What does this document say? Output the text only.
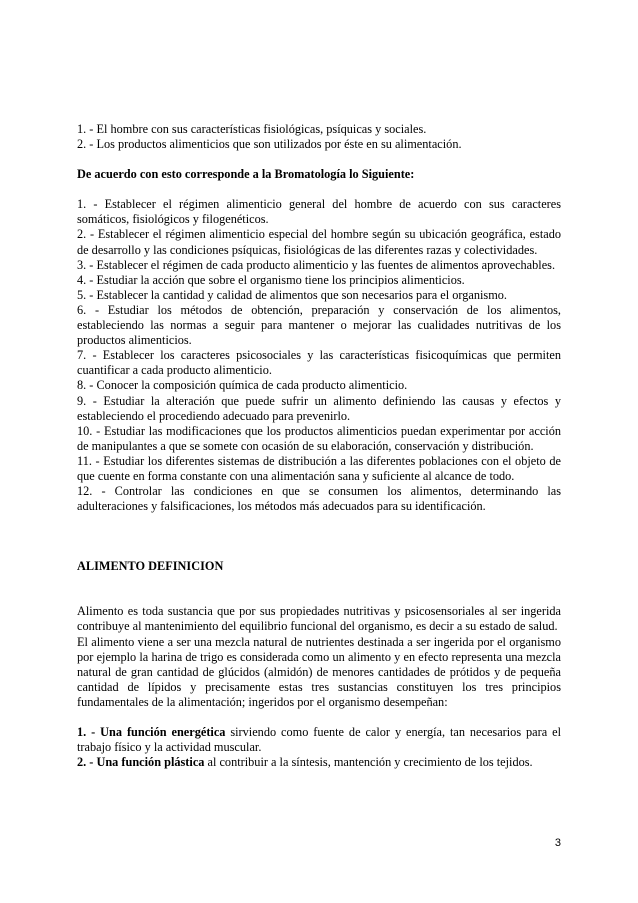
1. - El hombre con sus características fisiológicas, psíquicas y sociales.

2. - Los productos alimenticios que son utilizados por éste en su alimentación.

De acuerdo con esto corresponde a la Bromatología lo Siguiente:

1. - Establecer el régimen alimenticio general del hombre de acuerdo con sus caracteres somáticos, fisiológicos y filogenéticos.

2. - Establecer el régimen alimenticio especial del hombre según su ubicación geográfica, estado de desarrollo y las condiciones psíquicas, fisiológicas de las diferentes razas y colectividades.

3. - Establecer el régimen de cada producto alimenticio y las fuentes de alimentos aprovechables.

4. - Estudiar la acción que sobre el organismo tiene los principios alimenticios.

5. - Establecer la cantidad y calidad de alimentos que son necesarios para el organismo.

6. - Estudiar los métodos de obtención, preparación y conservación de los alimentos, estableciendo las normas a seguir para mantener o mejorar las cualidades nutritivas de los productos alimenticios.

7. - Establecer los caracteres psicosociales y las características fisicoquímicas que permiten cuantificar a cada producto alimenticio.

8. - Conocer la composición química de cada producto alimenticio.

9. - Estudiar la alteración que puede sufrir un alimento definiendo las causas y efectos y estableciendo el procediendo adecuado para prevenirlo.

10. - Estudiar las modificaciones que los productos alimenticios puedan experimentar por acción de manipulantes a que se somete con ocasión de su elaboración, conservación y distribución.

11. - Estudiar los diferentes sistemas de distribución a las diferentes poblaciones con el objeto de que cuente en forma constante con una alimentación sana y suficiente al alcance de todo.

12. - Controlar las condiciones en que se consumen los alimentos, determinando las adulteraciones y falsificaciones, los métodos más adecuados para su identificación.

ALIMENTO DEFINICION

Alimento es toda sustancia que por sus propiedades nutritivas y psicosensoriales al ser ingerida contribuye al mantenimiento del equilibrio funcional del organismo, es decir a su estado de salud.

El alimento viene a ser una mezcla natural de nutrientes destinada a ser ingerida por el organismo por ejemplo la harina de trigo es considerada como un alimento y en efecto representa una mezcla natural de gran cantidad de glúcidos (almidón) de menores cantidades de prótidos y de pequeña cantidad de lípidos y precisamente estas tres sustancias constituyen los tres principios fundamentales de la alimentación; ingeridos por el organismo desempeñan:

1. - Una función energética sirviendo como fuente de calor y energía, tan necesarios para el trabajo físico y la actividad muscular.

2. - Una función plástica al contribuir a la síntesis, mantención y crecimiento de los tejidos.

3
